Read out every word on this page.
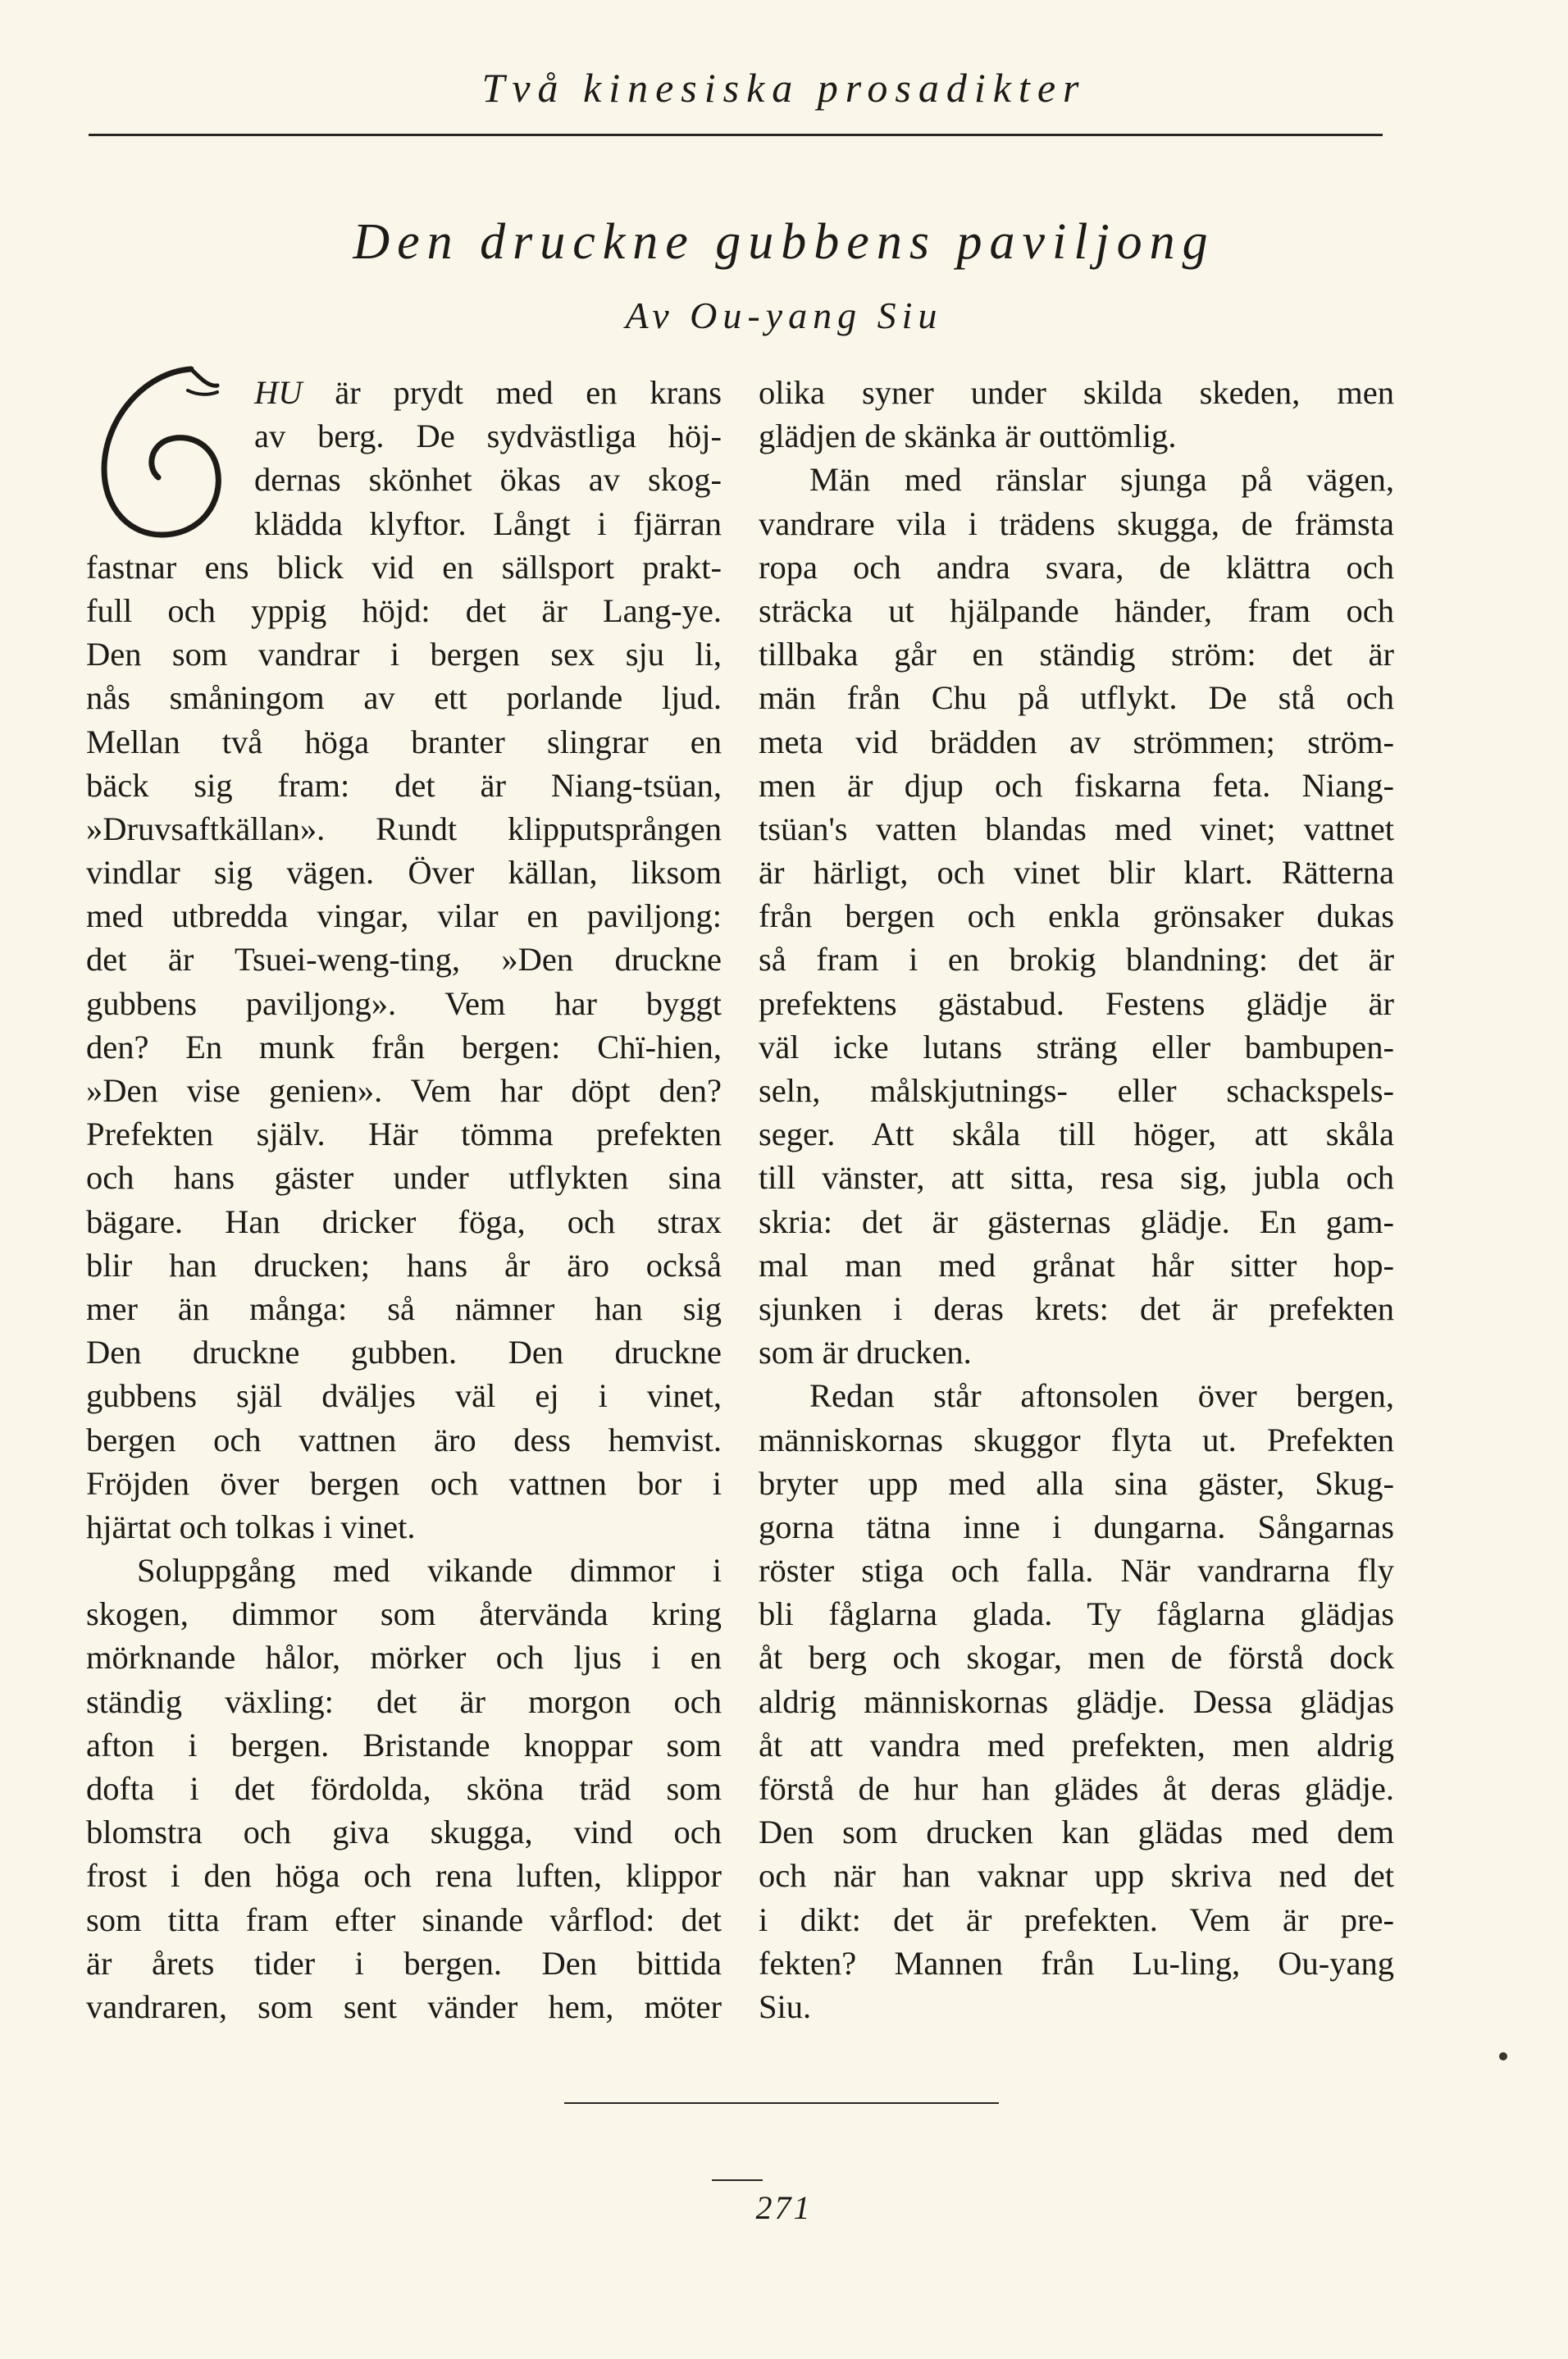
Två kinesiska prosadikter
Den druckne gubbens paviljong
Av Ou-yang Siu
HU är prydt med en krans
av berg. De sydvästliga höj-
dernas skönhet ökas av skog-
klädda klyftor. Långt i fjärran
fastnar ens blick vid en sällsport prakt-
full och yppig höjd: det är Lang-ye.
Den som vandrar i bergen sex sju li,
nås småningom av ett porlande ljud.
Mellan två höga branter slingrar en
bäck sig fram: det är Niang-tsüan,
»Druvsaftkällan». Rundt klipputsprången
vindlar sig vägen. Över källan, liksom
med utbredda vingar, vilar en paviljong:
det är Tsuei-weng-ting, »Den druckne
gubbens paviljong». Vem har byggt
den? En munk från bergen: Chï-hien,
»Den vise genien». Vem har döpt den?
Prefekten själv. Här tömma prefekten
och hans gäster under utflykten sina
bägare. Han dricker föga, och strax
blir han drucken; hans år äro också
mer än många: så nämner han sig
Den druckne gubben. Den druckne
gubbens själ dväljes väl ej i vinet,
bergen och vattnen äro dess hemvist.
Fröjden över bergen och vattnen bor i
hjärtat och tolkas i vinet.
Soluppgång med vikande dimmor i
skogen, dimmor som återvända kring
mörknande hålor, mörker och ljus i en
ständig växling: det är morgon och
afton i bergen. Bristande knoppar som
dofta i det fördolda, sköna träd som
blomstra och giva skugga, vind och
frost i den höga och rena luften, klippor
som titta fram efter sinande vårflod: det
är årets tider i bergen. Den bittida
vandraren, som sent vänder hem, möter
olika syner under skilda skeden, men
glädjen de skänka är outtömlig.
Män med ränslar sjunga på vägen,
vandrare vila i trädens skugga, de främsta
ropa och andra svara, de klättra och
sträcka ut hjälpande händer, fram och
tillbaka går en ständig ström: det är
män från Chu på utflykt. De stå och
meta vid brädden av strömmen; ström-
men är djup och fiskarna feta. Niang-
tsüan's vatten blandas med vinet; vattnet
är härligt, och vinet blir klart. Rätterna
från bergen och enkla grönsaker dukas
så fram i en brokig blandning: det är
prefektens gästabud. Festens glädje är
väl icke lutans sträng eller bambupen-
seln, målskjutnings- eller schackspels-
seger. Att skåla till höger, att skåla
till vänster, att sitta, resa sig, jubla och
skria: det är gästernas glädje. En gam-
mal man med grånat hår sitter hop-
sjunken i deras krets: det är prefekten
som är drucken.
Redan står aftonsolen över bergen,
människornas skuggor flyta ut. Prefekten
bryter upp med alla sina gäster, Skug-
gorna tätna inne i dungarna. Sångarnas
röster stiga och falla. När vandrarna fly
bli fåglarna glada. Ty fåglarna glädjas
åt berg och skogar, men de förstå dock
aldrig människornas glädje. Dessa glädjas
åt att vandra med prefekten, men aldrig
förstå de hur han glädes åt deras glädje.
Den som drucken kan glädas med dem
och när han vaknar upp skriva ned det
i dikt: det är prefekten. Vem är pre-
fekten? Mannen från Lu-ling, Ou-yang
Siu.
271
